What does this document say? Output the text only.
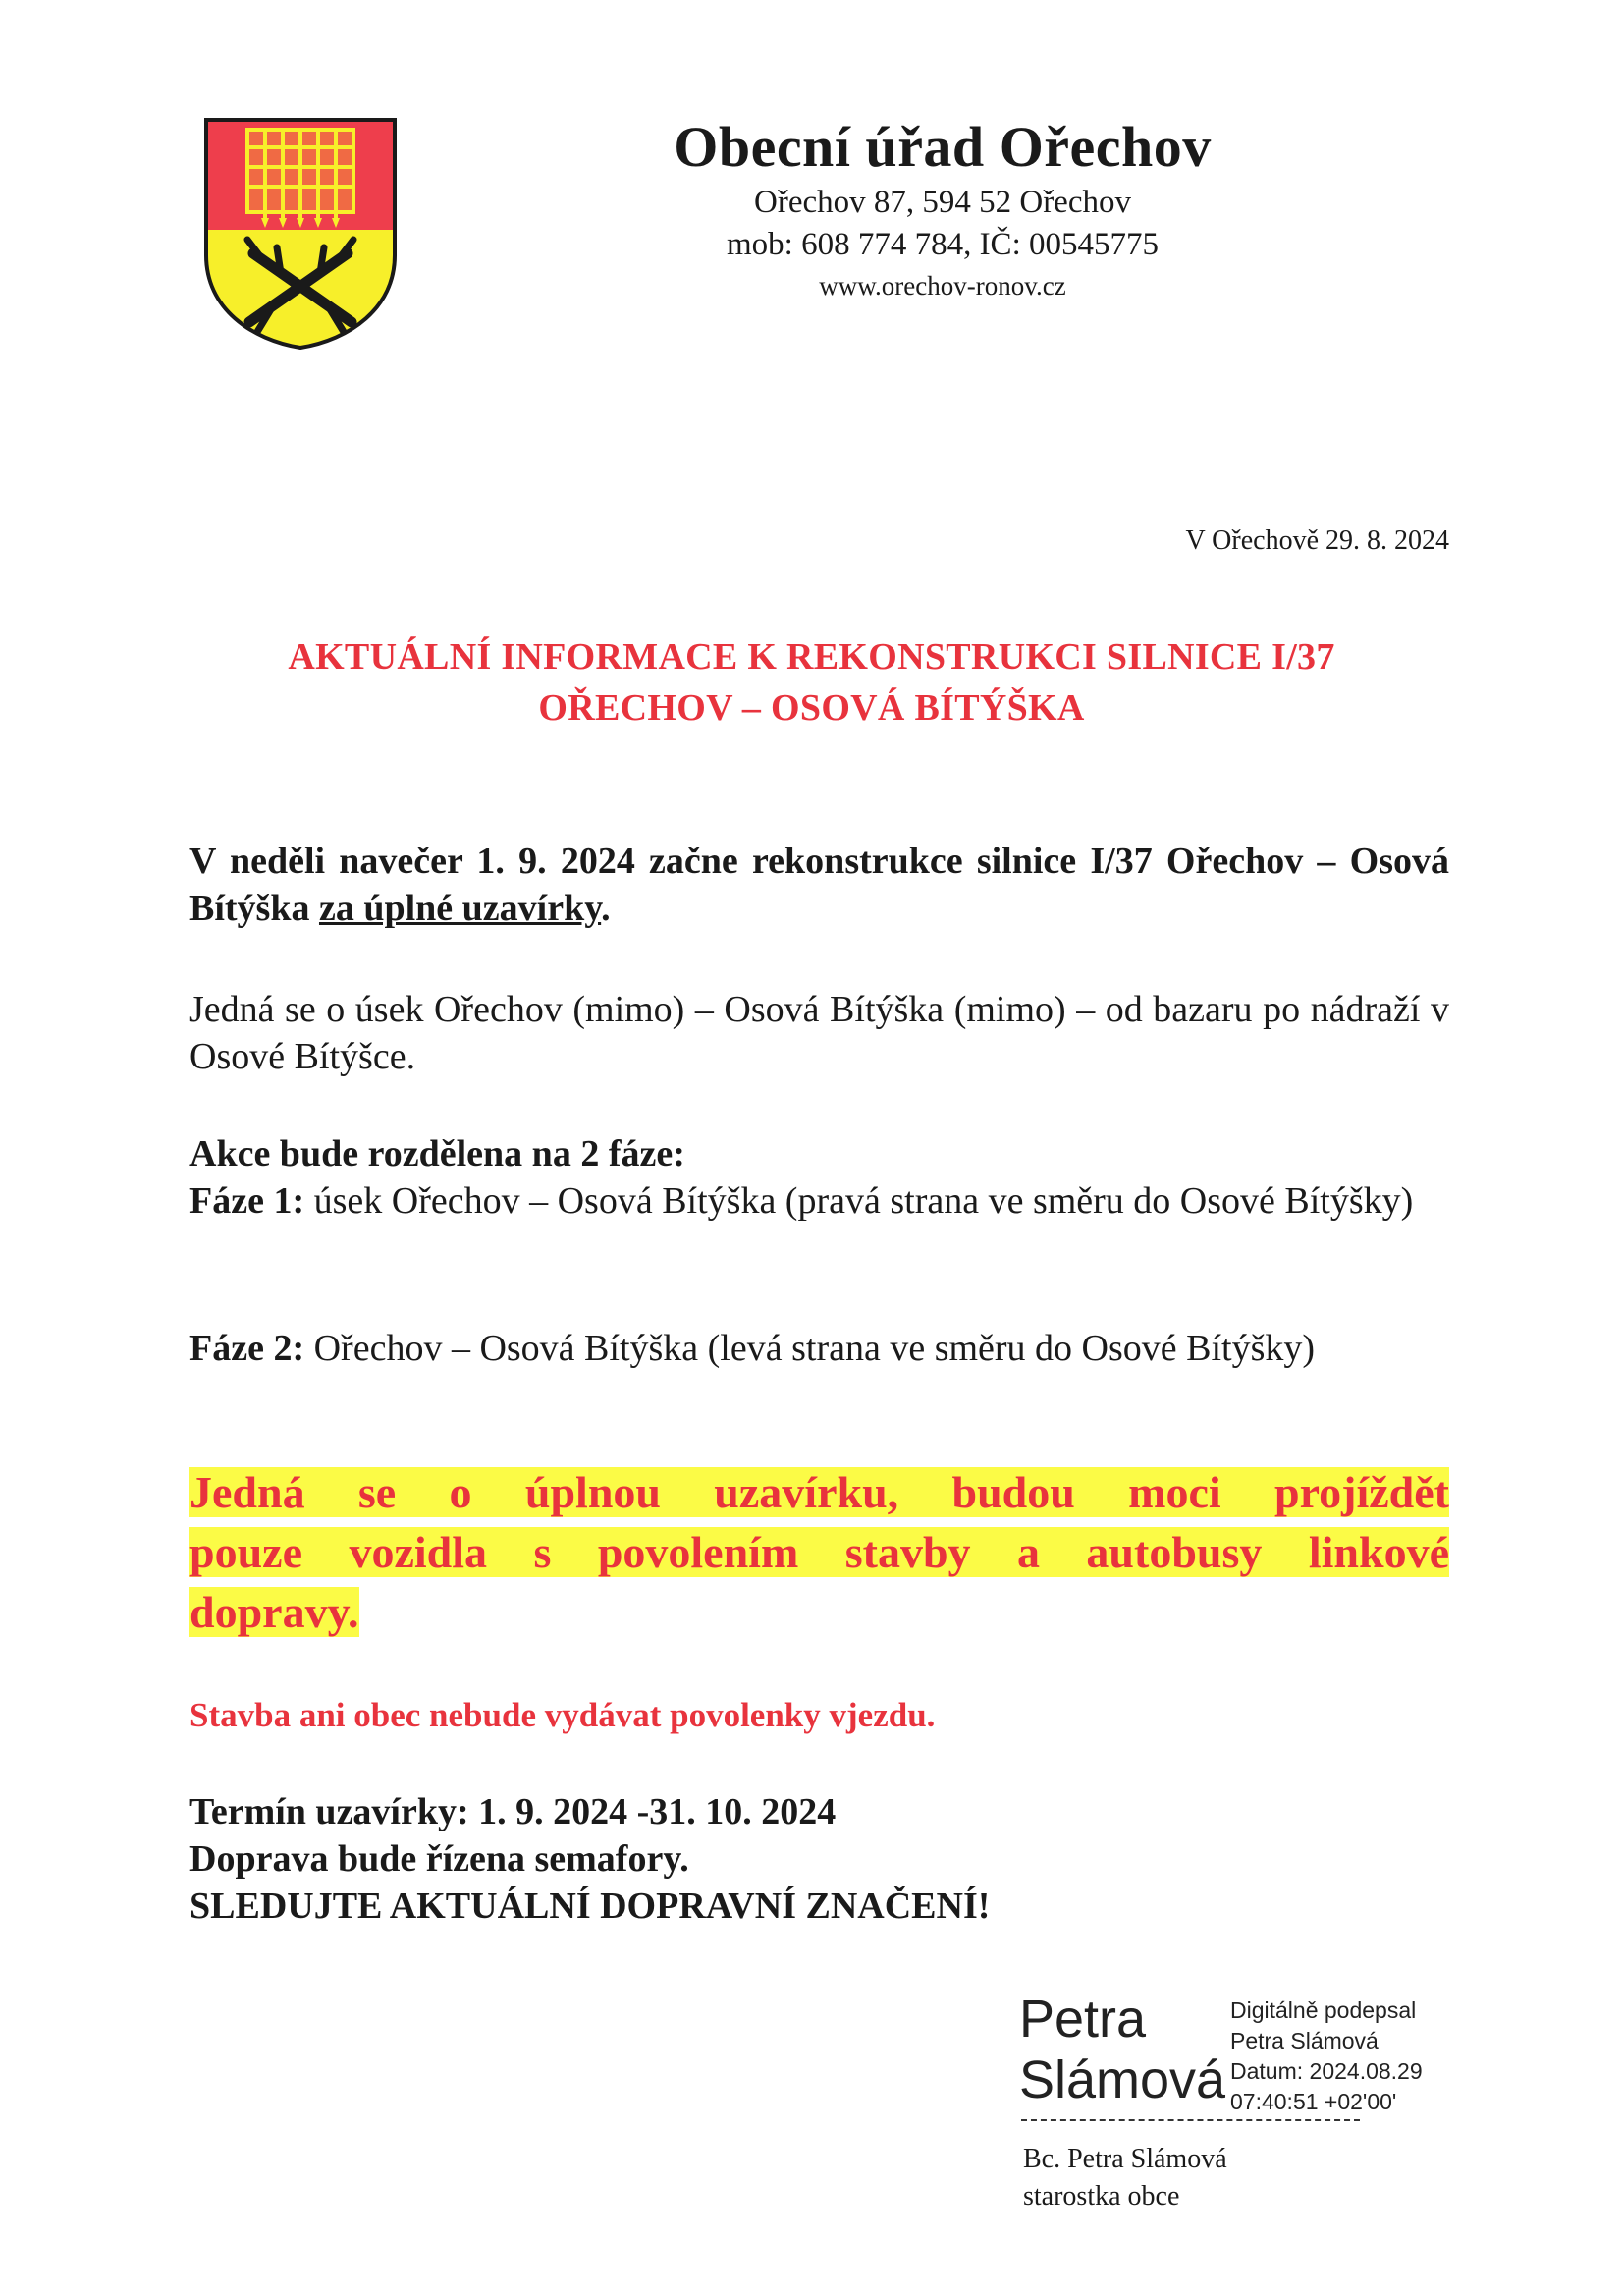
Obecní úřad Ořechov
Ořechov 87, 594 52 Ořechov
mob: 608 774 784, IČ: 00545775
www.orechov-ronov.cz
V Ořechově 29. 8. 2024
AKTUÁLNÍ INFORMACE K REKONSTRUKCI SILNICE I/37
OŘECHOV – OSOVÁ BÍTÝŠKA

V neděli navečer 1. 9. 2024 začne rekonstrukce silnice I/37 Ořechov – Osová Bítýška za úplné uzavírky.

Jedná se o úsek Ořechov (mimo) – Osová Bítýška (mimo) – od bazaru po nádraží v Osové Bítýšce.

Akce bude rozdělena na 2 fáze:

Fáze 1: úsek Ořechov – Osová Bítýška (pravá strana ve směru do Osové Bítýšky)

Fáze 2: Ořechov – Osová Bítýška (levá strana ve směru do Osové Bítýšky)

Jedná se o úplnou uzavírku, budou moci projíždět pouze vozidla s povolením stavby a autobusy linkové dopravy.

Stavba ani obec nebude vydávat povolenky vjezdu.

Termín uzavírky: 1. 9. 2024 -31. 10. 2024

Doprava bude řízena semafory.

SLEDUJTE AKTUÁLNÍ DOPRAVNÍ ZNAČENÍ!

Petra
Slámová
Digitálně podepsal
Petra Slámová
Datum: 2024.08.29
07:40:51 +02'00'
Bc. Petra Slámová
starostka obce
